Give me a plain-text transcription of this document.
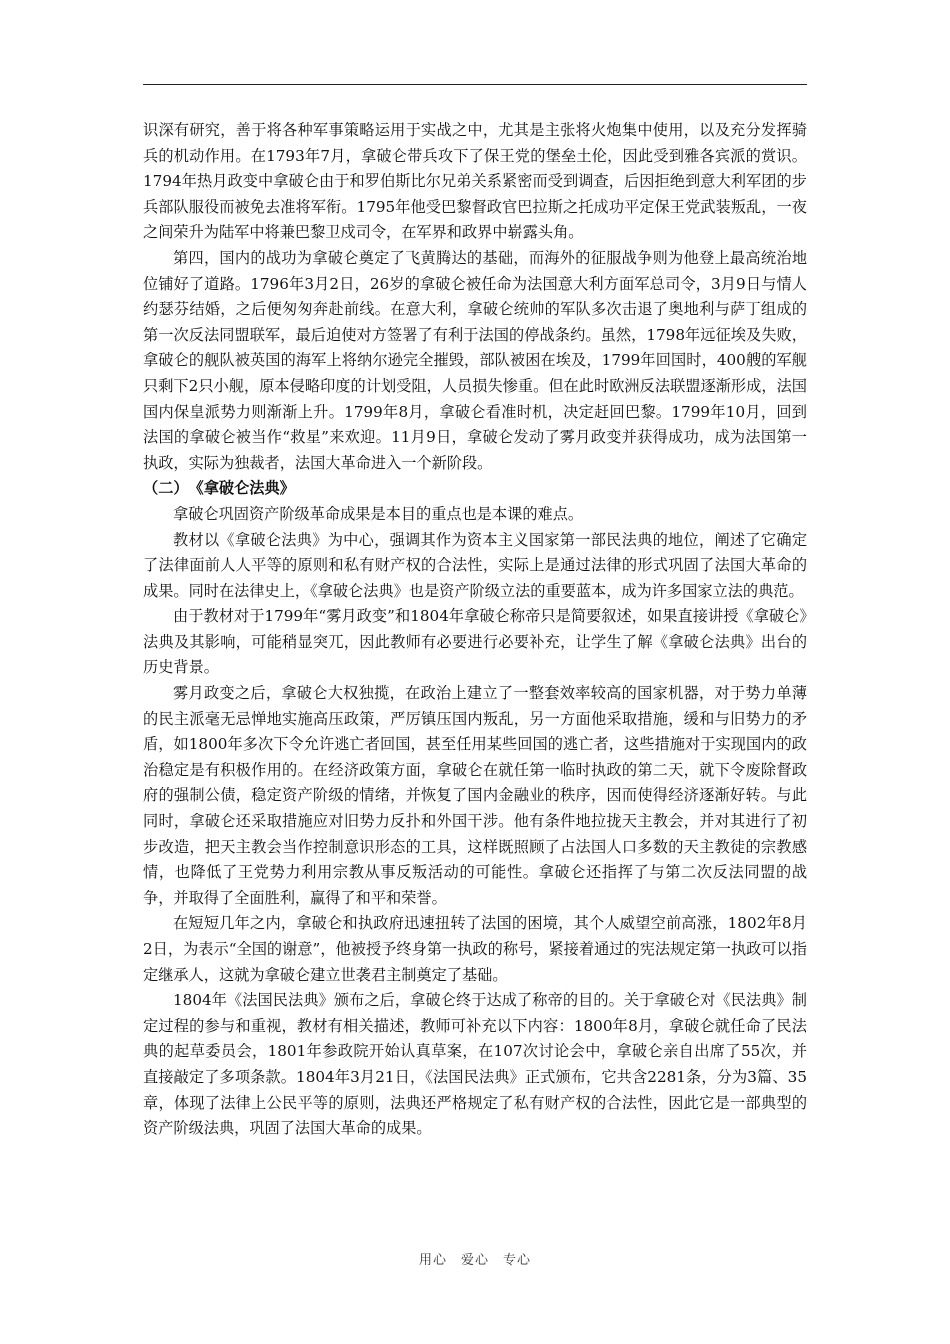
识深有研究，善于将各种军事策略运用于实战之中，尤其是主张将火炮集中使用，以及充分发挥骑兵的机动作用。在1793年7月，拿破仑带兵攻下了保王党的堡垒土伦，因此受到雅各宾派的赏识。1794年热月政变中拿破仑由于和罗伯斯比尔兄弟关系紧密而受到调查，后因拒绝到意大利军团的步兵部队服役而被免去准将军衔。1795年他受巴黎督政官巴拉斯之托成功平定保王党武装叛乱，一夜之间荣升为陆军中将兼巴黎卫戍司令，在军界和政界中崭露头角。

第四，国内的战功为拿破仑奠定了飞黄腾达的基础，而海外的征服战争则为他登上最高统治地位铺好了道路。1796年3月2日，26岁的拿破仑被任命为法国意大利方面军总司令，3月9日与情人约瑟芬结婚，之后便匆匆奔赴前线。在意大利，拿破仑统帅的军队多次击退了奥地利与萨丁组成的第一次反法同盟联军，最后迫使对方签署了有利于法国的停战条约。虽然，1798年远征埃及失败，拿破仑的舰队被英国的海军上将纳尔逊完全摧毁，部队被困在埃及，1799年回国时，400艘的军舰只剩下2只小舰，原本侵略印度的计划受阻，人员损失惨重。但在此时欧洲反法联盟逐渐形成，法国国内保皇派势力则渐渐上升。1799年8月，拿破仑看准时机，决定赶回巴黎。1799年10月，回到法国的拿破仑被当作“救星”来欢迎。11月9日，拿破仑发动了雾月政变并获得成功，成为法国第一执政，实际为独裁者，法国大革命进入一个新阶段。

（二）　《拿破仑法典》

拿破仑巩固资产阶级革命成果是本目的重点也是本课的难点。

教材以《拿破仑法典》为中心，强调其作为资本主义国家第一部民法典的地位，阐述了它确定了法律面前人人平等的原则和私有财产权的合法性，实际上是通过法律的形式巩固了法国大革命的成果。同时在法律史上，《拿破仑法典》也是资产阶级立法的重要蓝本，成为许多国家立法的典范。

由于教材对于1799年“雾月政变”和1804年拿破仑称帝只是简要叙述，如果直接讲授《拿破仑》法典及其影响，可能稍显突兀，因此教师有必要进行必要补充，让学生了解《拿破仑法典》出台的历史背景。

雾月政变之后，拿破仑大权独揽，在政治上建立了一整套效率较高的国家机器，对于势力单薄的民主派毫无忌惮地实施高压政策，严厉镇压国内叛乱，另一方面他采取措施，缓和与旧势力的矛盾，如1800年多次下令允许逃亡者回国，甚至任用某些回国的逃亡者，这些措施对于实现国内的政治稳定是有积极作用的。在经济政策方面，拿破仑在就任第一临时执政的第二天，就下令废除督政府的强制公债，稳定资产阶级的情绪，并恢复了国内金融业的秩序，因而使得经济逐渐好转。与此同时，拿破仑还采取措施应对旧势力反扑和外国干涉。他有条件地拉拢天主教会，并对其进行了初步改造，把天主教会当作控制意识形态的工具，这样既照顾了占法国人口多数的天主教徒的宗教感情，也降低了王党势力利用宗教从事反叛活动的可能性。拿破仑还指挥了与第二次反法同盟的战争，并取得了全面胜利，赢得了和平和荣誉。

在短短几年之内，拿破仑和执政府迅速扭转了法国的困境，其个人威望空前高涨，1802年8月2日，为表示“全国的谢意”，他被授予终身第一执政的称号，紧接着通过的宪法规定第一执政可以指定继承人，这就为拿破仑建立世袭君主制奠定了基础。

1804年《法国民法典》颁布之后，拿破仑终于达成了称帝的目的。关于拿破仑对《民法典》制定过程的参与和重视，教材有相关描述，教师可补充以下内容：1800年8月，拿破仑就任命了民法典的起草委员会，1801年参政院开始认真草案，在107次讨论会中，拿破仑亲自出席了55次，并直接敲定了多项条款。1804年3月21日，《法国民法典》正式颁布，它共含2281条，分为3篇、35章，体现了法律上公民平等的原则，法典还严格规定了私有财产权的合法性，因此它是一部典型的资产阶级法典，巩固了法国大革命的成果。

用心　爱心　专心
